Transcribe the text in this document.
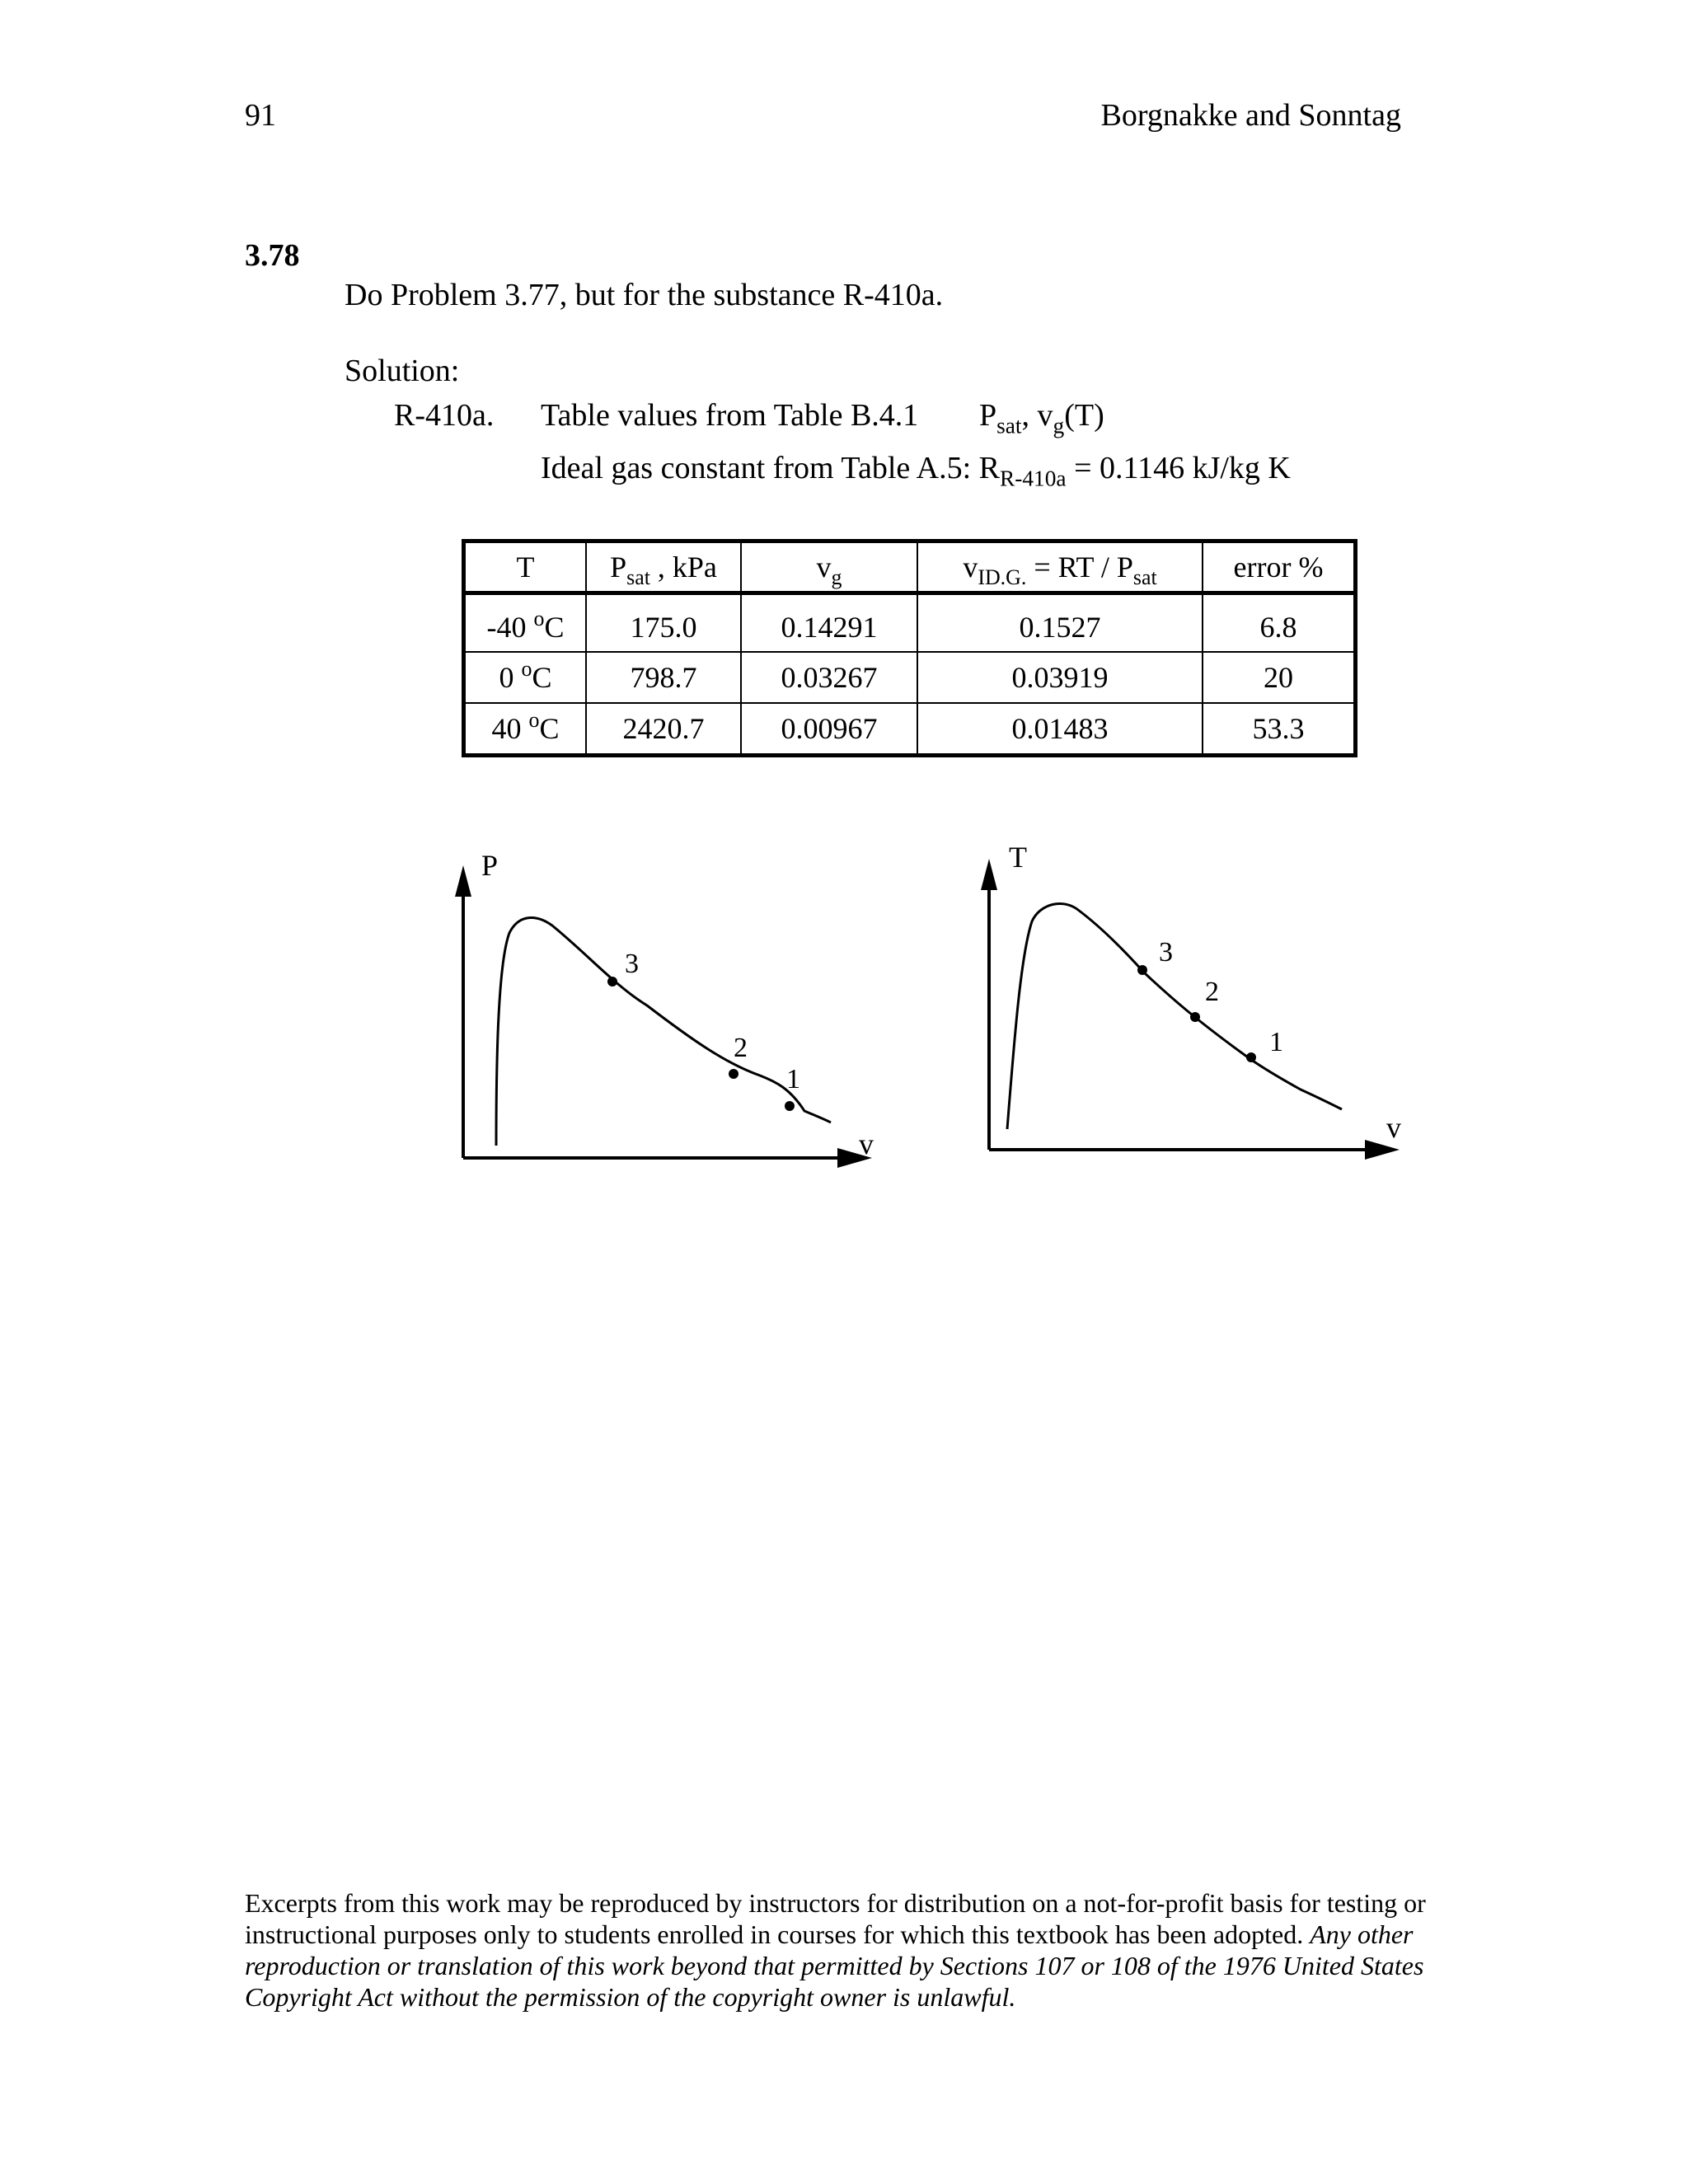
91	Borgnakke and Sonntag
3.78
Do Problem 3.77, but for the substance R-410a.
Solution:
R-410a. Table values from Table B.4.1 $P_{sat}$, $v_g(T)$
Ideal gas constant from Table A.5: $R_{R-410a} = 0.1146$ kJ/kg K
T	$P_{sat}$ , kPa	$v_g$	$v_{ID.G.}$ = RT / $P_{sat}$	error %
-40 $^o$C	175.0	0.14291	0.1527	6.8
0 $^o$C	798.7	0.03267	0.03919	20
40 $^o$C	2420.7	0.00967	0.01483	53.3
P
v
3
2
1
T
v
3
2
1
Excerpts from this work may be reproduced by instructors for distribution on a not-for-profit basis for testing or instructional purposes only to students enrolled in courses for which this textbook has been adopted. Any other reproduction or translation of this work beyond that permitted by Sections 107 or 108 of the 1976 United States Copyright Act without the permission of the copyright owner is unlawful.
